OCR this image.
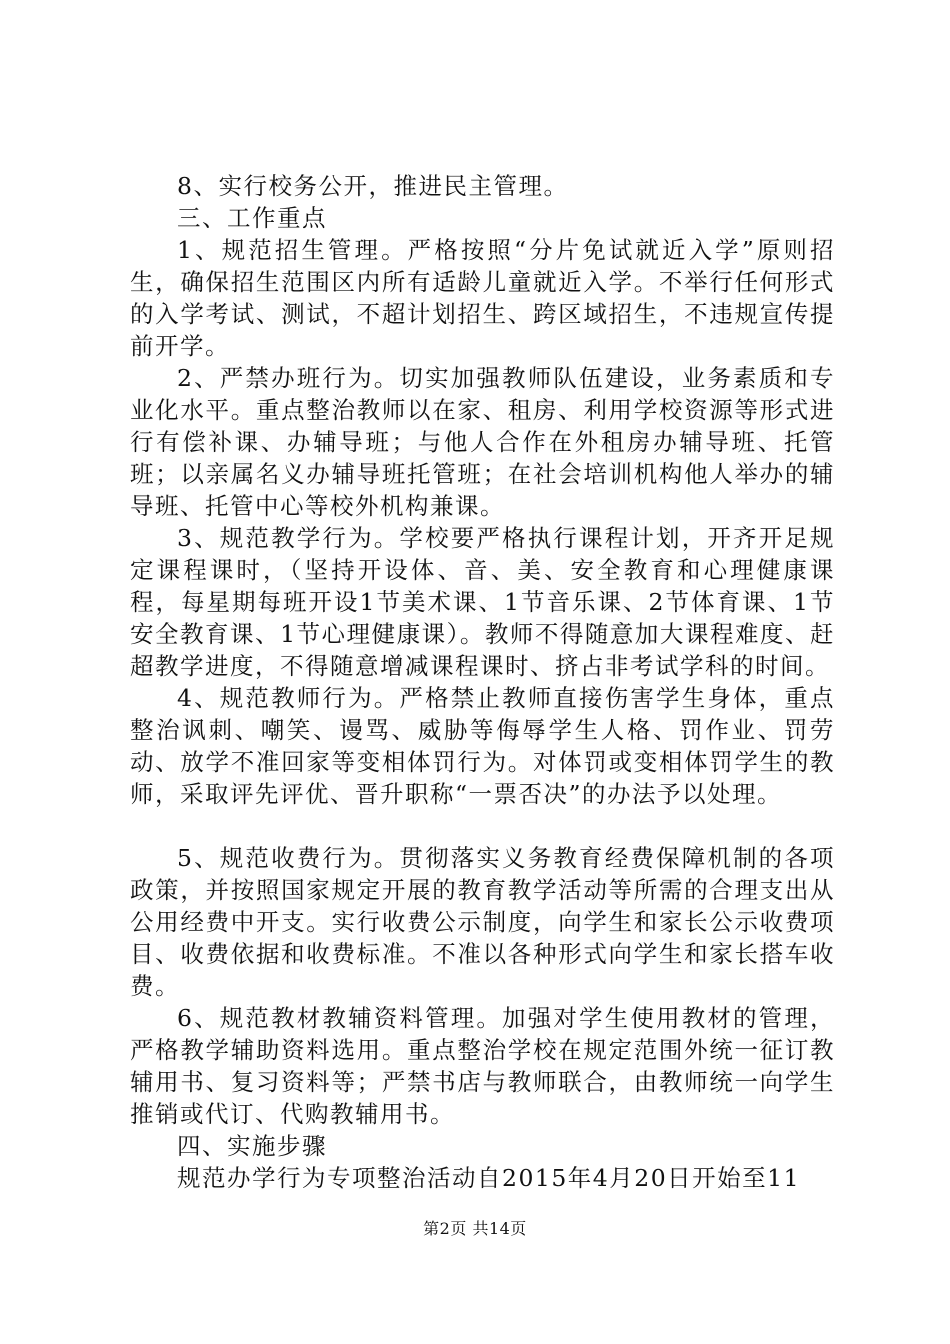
8、实行校务公开，推进民主管理。

三、工作重点

1、规范招生管理。严格按照“分片免试就近入学”原则招生，确保招生范围区内所有适龄儿童就近入学。不举行任何形式的入学考试、测试，不超计划招生、跨区域招生，不违规宣传提前开学。

2、严禁办班行为。切实加强教师队伍建设，业务素质和专业化水平。重点整治教师以在家、租房、利用学校资源等形式进行有偿补课、办辅导班；与他人合作在外租房办辅导班、托管班；以亲属名义办辅导班托管班；在社会培训机构他人举办的辅导班、托管中心等校外机构兼课。

3、规范教学行为。学校要严格执行课程计划，开齐开足规定课程课时，（坚持开设体、音、美、安全教育和心理健康课程，每星期每班开设1节美术课、1节音乐课、2节体育课、1节安全教育课、1节心理健康课）。教师不得随意加大课程难度、赶超教学进度，不得随意增减课程课时、挤占非考试学科的时间。

4、规范教师行为。严格禁止教师直接伤害学生身体，重点整治讽刺、嘲笑、谩骂、威胁等侮辱学生人格、罚作业、罚劳动、放学不准回家等变相体罚行为。对体罚或变相体罚学生的教师，采取评先评优、晋升职称“一票否决”的办法予以处理。

5、规范收费行为。贯彻落实义务教育经费保障机制的各项政策，并按照国家规定开展的教育教学活动等所需的合理支出从公用经费中开支。实行收费公示制度，向学生和家长公示收费项目、收费依据和收费标准。不准以各种形式向学生和家长搭车收费。

6、规范教材教辅资料管理。加强对学生使用教材的管理，严格教学辅助资料选用。重点整治学校在规定范围外统一征订教辅用书、复习资料等；严禁书店与教师联合，由教师统一向学生推销或代订、代购教辅用书。

四、实施步骤

规范办学行为专项整治活动自2015年4月20日开始至11

第2页 共14页
